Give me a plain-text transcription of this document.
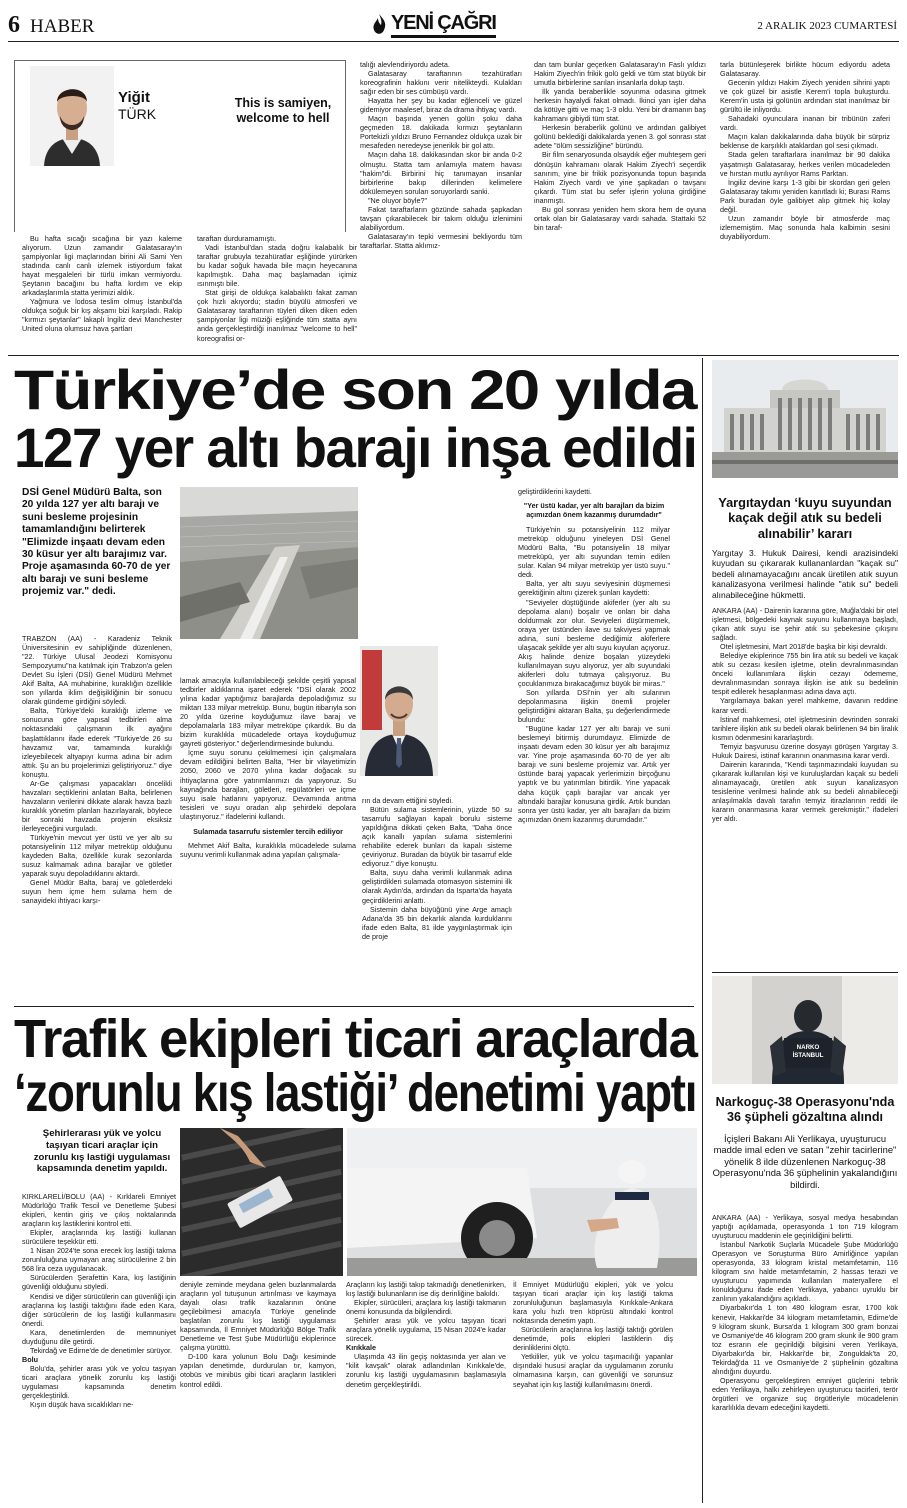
6 HABER	YENİ ÇAĞRI	2 ARALIK 2023 CUMARTESİ
Yiğit
TÜRK
This is samiyen, welcome to hell

Bu hafta sıcağı sıcağına bir yazı kaleme alıyorum. Uzun zamandır Galatasaray'ın şampiyonlar ligi maçlarından birini Ali Sami Yen stadında canlı canlı izlemek istiyordum fakat hayat meşgaleleri bir türlü imkan vermiyordu. Şeytanın bacağını bu hafta kırdım ve ekip arkadaşlarımla statta yerimizi aldık.

Yağmura ve lodosa teslim olmuş İstanbul'da oldukça soğuk bir kış akşamı bizi karşıladı. Rakip "kırmızı şeytanlar" lakaplı İngiliz devi Manchester United oluna olumsuz hava şartları

taraftarı durduramamıştı.

Vadi İstanbul'dan stada doğru kalabalık bir taraftar grubuyla tezahüratlar eşliğinde yürürken bu kadar soğuk havada bile maçın heyecanına kapılmıştık. Daha maç başlamadan içimiz ısınmıştı bile.

Stat girişi de oldukça kalabalıktı fakat zaman çok hızlı akıyordu; stadın büyülü atmosferi ve Galatasaray taraftarının tüyleri diken diken eden şampiyonlar ligi müziği eşliğinde tüm statta aynı anda gerçekleştirdiği inanılmaz "welcome to hell" koreografisi or-

talığı alevlendiriyordu adeta.

Galatasaray taraftarının tezahüratları koreografinin hakkını verir nitelikteydi. Kulakları sağır eden bir ses cümbüşü vardı.

Hayatta her şey bu kadar eğlenceli ve güzel gidemiyor maalesef, biraz da drama ihtiyaç vardı.

Maçın başında yenen golün şoku daha geçmeden 18. dakikada kırmızı şeytanların Portekizli yıldızı Bruno Fernandez oldukça uzak bir mesafeden neredeyse jenerikik bir gol attı.

Maçın daha 18. dakikasından skor bir anda 0-2 olmuştu. Statta tam anlamıyla matem havası "hakim"di. Birbirini hiç tanımayan insanlar birbirlerine bakıp dillerinden kelimelere dökülemeyen soruları soruyorlardı sanki.

"Ne oluyor böyle?"

Fakat taraftarların gözünde sahada şapkadan tavşan çıkarabilecek bir takım olduğu izlenimini alabiliyordum.

Galatasaray'ın tepki vermesini bekliyordu tüm taraftarlar. Statta aklımız-

dan tam bunlar geçerken Galatasaray'ın Faslı yıldızı Hakim Ziyech'in frikik golü geldi ve tüm stat büyük bir umutla birbirlerine sarılan insanlarla dolup taştı.

İlk yarıda beraberlikle soyunma odasına gitmek herkesin hayalydi fakat olmadı. İkinci yarı işler daha da kötüye gitti ve maç 1-3 oldu. Yeni bir dramanın baş kahramanı gibiydi tüm stat.

Herkesin beraberlik golünü ve ardından galibiyet golünü beklediği dakikalarda yenen 3. gol sonrası stat adete "ölüm sessizliğine" büründü.

Bir film senaryosunda olsaydık eğer muhteşem geri dönüşün kahramanı olarak Hakim Ziyech'i seçerdik sanırım, yine bir frikik pozisyonunda topun başında Hakim Ziyech vardı ve yine şapkadan o tavşanı çıkardı. Tüm stat bu sefer işlerin yoluna girdiğine inanmıştı.

Bu gol sonrası yeniden hem skora hem de oyuna ortak olan bir Galatasaray vardı sahada. Stattaki 52 bin taraf-

tarla bütünleşerek birlikte hücum ediyordu adeta Galatasaray.

Gecenin yıldızı Hakim Ziyech yeniden sihrini yaptı ve çok güzel bir asistle Kerem'i topla buluşturdu. Kerem'in usta işi golünün ardından stat inanılmaz bir gürültü ile inliyordu.

Sahadaki oyunculara inanan bir tribünün zaferi vardı.

Maçın kalan dakikalarında daha büyük bir sürpriz beklense de karşılıklı ataklardan gol sesi çıkmadı.

Stada gelen taraftarlara inanılmaz bir 90 dakika yaşatmıştı Galatasaray, herkes verilen mücadeleden ve hırstan mutlu ayrılıyor Rams Parktan.

İngiliz devine karşı 1-3 gibi bir skordan geri gelen Galatasaray takımı yeniden kanıtladı ki; Burası Rams Park buradan öyle galibiyet alıp gitmek hiç kolay değil.

Uzun zamandır böyle bir atmosferde maç izlememiştim. Maç sonunda hala kalbimin sesini duyabiliyordum.

Türkiye’de son 20 yılda
127 yer altı barajı inşa edildi
DSİ Genel Müdürü Balta, son 20 yılda 127 yer altı barajı ve suni besleme projesinin tamamlandığını belirterek "Elimizde inşaatı devam eden 30 küsur yer altı barajımız var. Proje aşamasında 60-70 de yer altı barajı ve suni besleme projemiz var." dedi.

TRABZON (AA) - Karadeniz Teknik Üniversitesinin ev sahipliğinde düzenlenen, "22. Türkiye Ulusal Jeodezi Komisyonu Sempozyumu"na katılmak için Trabzon'a gelen Devlet Su İşleri (DSİ) Genel Müdürü Mehmet Akif Balta, AA muhabirine, kuraklığın özellikle son yıllarda iklim değişikliğinin bir sonucu olarak gündeme girdiğini söyledi.

Balta, Türkiye'deki kuraklığı izleme ve sonucuna göre yapısal tedbirleri alma noktasındaki çalışmanın ilk ayağını başlattıklarını ifade ederek "Türkiye'de 26 su havzamız var, tamamında kuraklığı izleyebilecek altyapıyı kurma adına bir adım attık. Şu an bu projelerimizi geliştiriyoruz." diye konuştu.

Ar-Ge çalışması yapacakları öncelikli havzaları seçtiklerini anlatan Balta, belirlenen havzaların verilerini dikkate alarak havza bazlı kuraklık yönetim planları hazırlayarak, böylece bir sonraki havzada projenin eksiksiz ilerleyeceğini vurguladı.

Türkiye'nin mevcut yer üstü ve yer altı su potansiyelinin 112 milyar metreküp olduğunu kaydeden Balta, özellikle kurak sezonlarda susuz kalmamak adına barajlar ve göletler yaparak suyu depoladıklarını aktardı.

Genel Müdür Balta, baraj ve göletlerdeki suyun hem içme hem sulama hem de sanayideki ihtiyacı karşı-

lamak amacıyla kullanılabileceği şekilde çeşitli yapısal tedbirler aldıklarına işaret ederek "DSİ olarak 2002 yılına kadar yaptığımız barajlarda depoladığımız su miktarı 133 milyar metreküp. Bunu, bugün itibarıyla son 20 yılda üzerine koyduğumuz ilave baraj ve depolamalarla 183 milyar metreküpe çıkardık. Bu da bizim kuraklıkla mücadelede ortaya koyduğumuz gayreti gösteriyor." değerlendirmesinde bulundu.

İçme suyu sorunu çekilmemesi için çalışmalara devam edildiğini belirten Balta, "Her bir vilayetimizin 2050, 2060 ve 2070 yılına kadar doğacak su ihtiyaçlarına göre yatırımlarımızı da yapıyoruz. Su kaynağında barajları, göletleri, regülatörleri ve içme suyu isale hatlarını yapıyoruz. Devamında arıtma tesisleri ve suyu oradan alıp şehirdeki depolara ulaştırıyoruz." ifadelerini kullandı.

Sulamada tasarrufu sistemler tercih ediliyor

Mehmet Akif Balta, kuraklıkla mücadelede sulama suyunu verimli kullanmak adına yapılan çalışmala-

rın da devam ettiğini söyledi.

Bütün sulama sistemlerinin, yüzde 50 su tasarrufu sağlayan kapalı borulu sisteme yapıldığına dikkati çeken Balta, "Daha önce açık kanallı yapılan sulama sistemlerini rehabilite ederek bunları da kapalı sisteme çeviriyoruz. Buradan da büyük bir tasarruf elde ediyoruz." diye konuştu.

Balta, suyu daha verimli kullanmak adına geliştirdikleri sulamada otomasyon sistemini ilk olarak Aydın'da, ardından da Isparta'da hayata geçirdiklerini anlattı.

Sistemin daha büyüğünü yine Arge amaçlı Adana'da 35 bin dekarlık alanda kurduklarını ifade eden Balta, 81 ilde yaygınlaştırmak için de proje

geliştirdiklerini kaydetti.

"Yer üstü kadar, yer altı barajları da bizim açımızdan önem kazanmış durumdadır"

Türkiye'nin su potansiyelinin 112 milyar metreküp olduğunu yineleyen DSİ Genel Müdürü Balta, "Bu potansiyelin 18 milyar metreküpü, yer altı suyundan temin edilen sular. Kalan 94 milyar metreküp yer üstü suyu." dedi.

Balta, yer altı suyu seviyesinin düşmemesi gerektiğinin altını çizerek şunları kaydetti:

"Seviyeler düştüğünde akiferler (yer altı su depolama alanı) boşalır ve onları bir daha doldurmak zor olur. Seviyeleri düşürmemek, oraya yer üstünden ilave su takviyesi yapmak adına, suni besleme dediğimiz akiferlere ulaşacak şekilde yer altı suyu kuyuları açıyoruz. Akış halinde denize boşalan yüzeydeki kullanılmayan suyu alıyoruz, yer altı suyundaki akiferleri dolu tutmaya çalışıyoruz. Bu çocuklarımıza bırakacağımız büyük bir miras."

Son yıllarda DSİ'nin yer altı sularının depolanmasına ilişkin önemli projeler geliştirdiğini aktaran Balta, şu değerlendirmede bulundu:

"Bugüne kadar 127 yer altı barajı ve suni beslemeyi bitirmiş durumdayız. Elimizde de inşaatı devam eden 30 küsur yer altı barajımız var. Yine proje aşamasında 60-70 de yer altı barajı ve suni besleme projemiz var. Artık yer üstünde baraj yapacak yerlerimizin birçoğunu yaptık ve bu yatırımları bitirdik. Yine yapacak daha küçük çaplı barajlar var ancak yer altındaki barajlar konusuna girdik. Artık bundan sonra yer üstü kadar, yer altı barajları da bizim açımızdan önem kazanmış durumdadır."

Yargıtaydan ‘kuyu suyundan kaçak değil atık su bedeli alınabilir’ kararı
Yargıtay 3. Hukuk Dairesi, kendi arazisindeki kuyudan su çıkararak kullananlardan "kaçak su" bedeli alınamayacağını ancak üretilen atık suyun kanalizasyona verilmesi halinde "atık su" bedeli alınabileceğine hükmetti.

ANKARA (AA) - Dairenin kararına göre, Muğla'daki bir otel işletmesi, bölgedeki kaynak suyunu kullanmaya başladı, çıkan atık suyu ise şehir atık su şebekesine çıkışını sağladı.

Otel işletmesini, Mart 2018'de başka bir kişi devraldı.

Belediye ekiplerince 755 bin lira atık su bedeli ve kaçak atık su cezası kesilen işletme, otelin devralınmasından önceki kullanımlara ilişkin cezayı ödememe, devralınmasından sonraya ilişkin ise atık su bedelinin tespit edilerek hesaplanması adına dava açtı.

Yargılamaya bakan yerel mahkeme, davanın reddine karar verdi.

İstinaf mahkemesi, otel işletmesinin devrinden sonraki tarihlere ilişkin atık su bedeli olarak belirlenen 94 bin liralık kısmın ödenmesini kararlaştırdı.

Temyiz başvurusu üzerine dosyayı görüşen Yargıtay 3. Hukuk Dairesi, istinaf kararının onanmasına karar verdi.

Dairenin kararında, "Kendi taşınmazındaki kuyudan su çıkararak kullanılan kişi ve kuruluşlardan kaçak su bedeli alınamayacağı, üretilen atık suyun kanalizasyon tesislerine verilmesi halinde atık su bedeli alınabileceği anlaşılmakla davalı tarafın temyiz itirazlarının reddi ile kararın onanmasına karar vermek gerekmiştir." ifadeleri yer aldı.

NARKO İSTANBUL
Narkoguç-38 Operasyonu'nda 36 şüpheli gözaltına alındı
İçişleri Bakanı Ali Yerlikaya, uyuşturucu madde imal eden ve satan "zehir tacirlerine" yönelik 8 ilde düzenlenen Narkoguç-38 Operasyonu'nda 36 şüphelinin yakalandığını bildirdi.

ANKARA (AA) - Yerlikaya, sosyal medya hesabından yaptığı açıklamada, operasyonda 1 ton 719 kilogram uyuşturucu maddenin ele geçirildiğini belirtti.

İstanbul Narkotik Suçlarla Mücadele Şube Müdürlüğü Operasyon ve Soruşturma Büro Amirliğince yapılan operasyonda, 33 kilogram kristal metamfetamin, 116 kilogram sıvı halde metamfetamin, 2 hassas terazi ve uyuşturucu yapımında kullanılan materyallere el konulduğunu ifade eden Yerlikaya, yabancı uyruklu bir zanlının yakalandığını açıkladı.

Diyarbakır'da 1 ton 480 kilogram esrar, 1700 kök kenevir, Hakkari'de 34 kilogram metamfetamin, Edirne'de 9 kilogram skunk, Bursa'da 1 kilogram 300 gram bonzai ve Osmaniye'de 46 kilogram 200 gram skunk ile 900 gram toz esrarın ele geçirildiği bilgisini veren Yerlikaya, Diyarbakır'da bir, Hakkari'de bir, Zonguldak'ta 20, Tekirdağ'da 11 ve Osmaniye'de 2 şüphelinin gözaltına alındığını duyurdu.

Operasyonu gerçekleştiren emniyet güçlerini tebrik eden Yerlikaya, halkı zehirleyen uyuşturucu tacirleri, terör örgütleri ve organize suç örgütleriyle mücadelenin kararlılıkla devam edeceğini kaydetti.

Trafik ekipleri ticari araçlarda
‘zorunlu kış lastiği’ denetimi yaptı
Şehirlerarası yük ve yolcu taşıyan ticari araçlar için zorunlu kış lastiği uygulaması kapsamında denetim yapıldı.

KIRKLARELİ/BOLU (AA) - Kırklareli Emniyet Müdürlüğü Trafik Tescil ve Denetleme Şubesi ekipleri, kentin giriş ve çıkış noktalarında araçların kış lastiklerini kontrol etti.

Ekipler, araçlarında kış lastiği kullanan sürücülere teşekkür etti.

1 Nisan 2024'te sona erecek kış lastiği takma zorunluluğuna uymayan araç sürücülerine 2 bin 568 lira ceza uygulanacak.

Sürücülerden Şerafettin Kara, kış lastiğinin güvenliği olduğunu söyledi.

Kendisi ve diğer sürücülerin can güvenliği için araçlarına kış lastiği taktığını ifade eden Kara, diğer sürücülerin de kış lastiği kullanmasını önerdi.

Kara, denetimlerden de memnuniyet duyduğunu dile getirdi.

Tekirdağ ve Edirne'de de denetimler sürüyor.

Bolu

Bolu'da, şehirler arası yük ve yolcu taşıyan ticari araçlara yönelik zorunlu kış lastiği uygulaması kapsamında denetim gerçekleştirildi.

Kışın düşük hava sıcaklıkları ne-

deniyle zeminde meydana gelen buzlanmalarda araçların yol tutuşunun artırılması ve kaymaya dayalı olası trafik kazalarının önüne geçilebilmesi amacıyla Türkiye genelinde başlatılan zorunlu kış lastiği uygulaması kapsamında, İl Emniyet Müdürlüğü Bölge Trafik Denetleme ve Test Şube Müdürlüğü ekiplerince çalışma yürüttü.

D-100 kara yolunun Bolu Dağı kesiminde yapılan denetimde, durdurulan tır, kamyon, otobüs ve minibüs gibi ticari araçların lastikleri kontrol edildi.

Araçların kış lastiği takıp takmadığı denetlenirken, kış lastiği bulunanların ise diş derinliğine bakıldı.

Ekipler, sürücüleri, araçlara kış lastiği takmanın önemi konusunda da bilgilendirdi.

Şehirler arası yük ve yolcu taşıyan ticari araçlara yönelik uygulama, 15 Nisan 2024'e kadar sürecek.

Kırıkkale

Ulaşımda 43 ilin geçiş noktasında yer alan ve "kilit kavşak" olarak adlandırılan Kırıkkale'de, zorunlu kış lastiği uygulamasının başlamasıyla denetim gerçekleştirildi.

İl Emniyet Müdürlüğü ekipleri, yük ve yolcu taşıyan ticari araçlar için kış lastiği takma zorunluluğunun başlamasıyla Kırıkkale-Ankara kara yolu hızlı tren köprüsü altındaki kontrol noktasında denetim yaptı.

Sürücülerin araçlarına kış lastiği taktığı görülen denetimde, polis ekipleri lastiklerin diş derinliklerini ölçtü.

Yetkililer, yük ve yolcu taşımacılığı yapanlar dışındaki hususi araçlar da uygulamanın zorunlu olmamasına karşın, can güvenliği ve sorunsuz seyahat için kış lastiği kullanılmasını önerdi.
